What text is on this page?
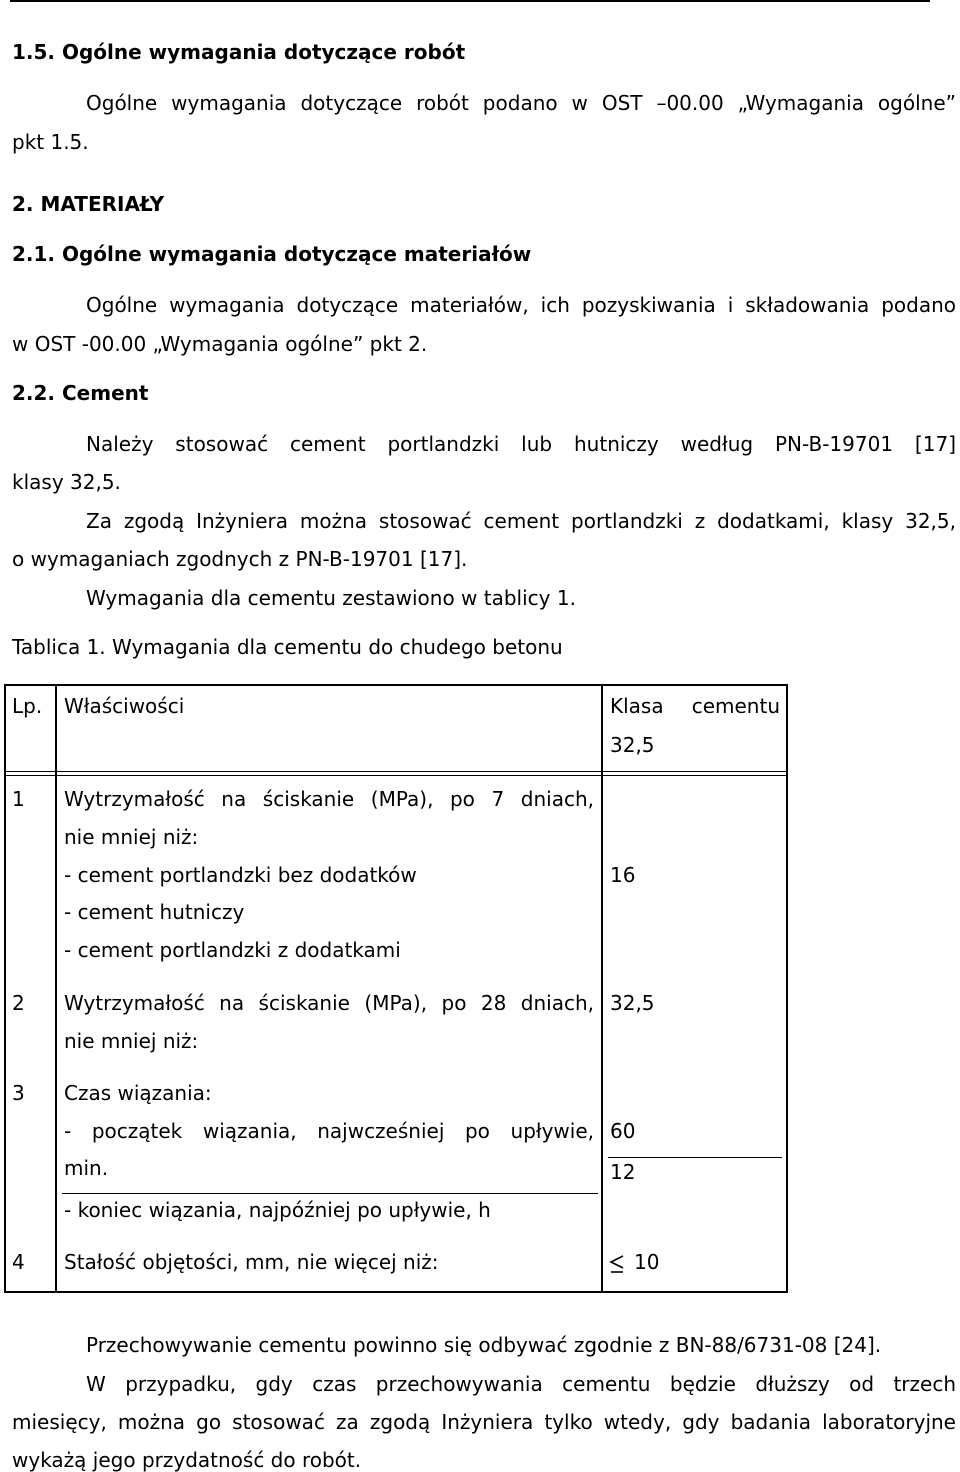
1.5. Ogólne wymagania dotyczące robót
Ogólne wymagania dotyczące robót podano w OST –00.00 „Wymagania ogólne”
pkt 1.5.
2. MATERIAŁY
2.1. Ogólne wymagania dotyczące materiałów
Ogólne wymagania dotyczące materiałów, ich pozyskiwania i składowania podano
w OST -00.00 „Wymagania ogólne” pkt 2.
2.2. Cement
Należy stosować cement portlandzki lub hutniczy według PN-B-19701 [17]
klasy 32,5.
Za zgodą Inżyniera można stosować cement portlandzki z dodatkami, klasy 32,5,
o wymaganiach zgodnych z PN-B-19701 [17].
Wymagania dla cementu zestawiono w tablicy 1.
Tablica 1. Wymagania dla cementu do chudego betonu
Lp. Właściwości	Klasa cementu
32,5
1 Wytrzymałość na ściskanie (MPa), po 7 dniach,
nie mniej niż:
- cement portlandzki bez dodatków
- cement hutniczy
- cement portlandzki z dodatkami
16
2 Wytrzymałość na ściskanie (MPa), po 28 dniach,
nie mniej niż:
32,5
3 Czas wiązania:
- początek wiązania, najwcześniej po upływie,
min.
- koniec wiązania, najpóźniej po upływie, h
60
12
4 Stałość objętości, mm, nie więcej niż:	10
Przechowywanie cementu powinno się odbywać zgodnie z BN-88/6731-08 [24].
W przypadku, gdy czas przechowywania cementu będzie dłuższy od trzech
miesięcy, można go stosować za zgodą Inżyniera tylko wtedy, gdy badania laboratoryjne
wykażą jego przydatność do robót.
